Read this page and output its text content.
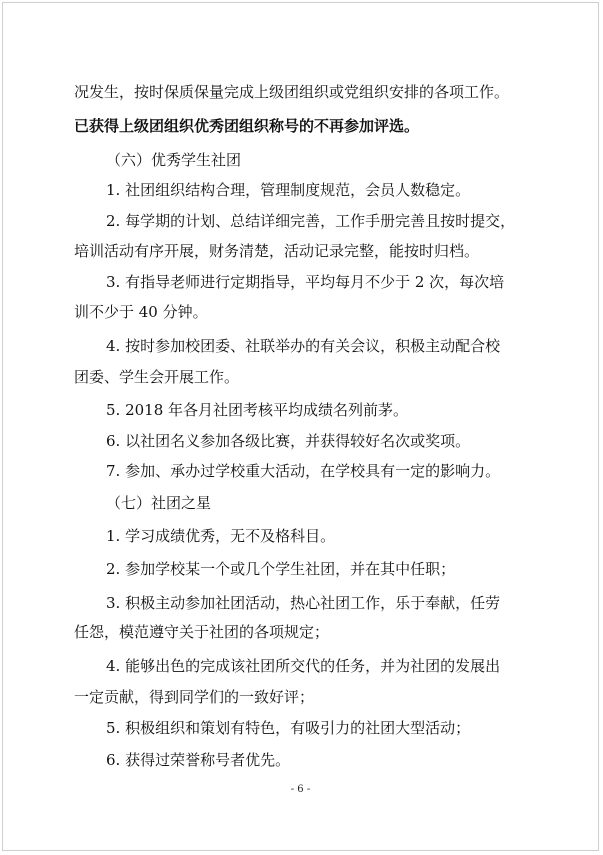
况发生，按时保质保量完成上级团组织或党组织安排的各项工作。
已获得上级团组织优秀团组织称号的不再参加评选。
（六）优秀学生社团
1. 社团组织结构合理，管理制度规范，会员人数稳定。
2. 每学期的计划、总结详细完善，工作手册完善且按时提交，
培训活动有序开展，财务清楚，活动记录完整，能按时归档。
3. 有指导老师进行定期指导，平均每月不少于 2 次，每次培
训不少于 40 分钟。
4. 按时参加校团委、社联举办的有关会议，积极主动配合校
团委、学生会开展工作。
5. 2018 年各月社团考核平均成绩名列前茅。
6. 以社团名义参加各级比赛，并获得较好名次或奖项。
7. 参加、承办过学校重大活动，在学校具有一定的影响力。
（七）社团之星
1. 学习成绩优秀，无不及格科目。
2. 参加学校某一个或几个学生社团，并在其中任职；
3. 积极主动参加社团活动，热心社团工作，乐于奉献，任劳
任怨，模范遵守关于社团的各项规定；
4. 能够出色的完成该社团所交代的任务，并为社团的发展出
一定贡献，得到同学们的一致好评；
5. 积极组织和策划有特色，有吸引力的社团大型活动；
6. 获得过荣誉称号者优先。
- 6 -
